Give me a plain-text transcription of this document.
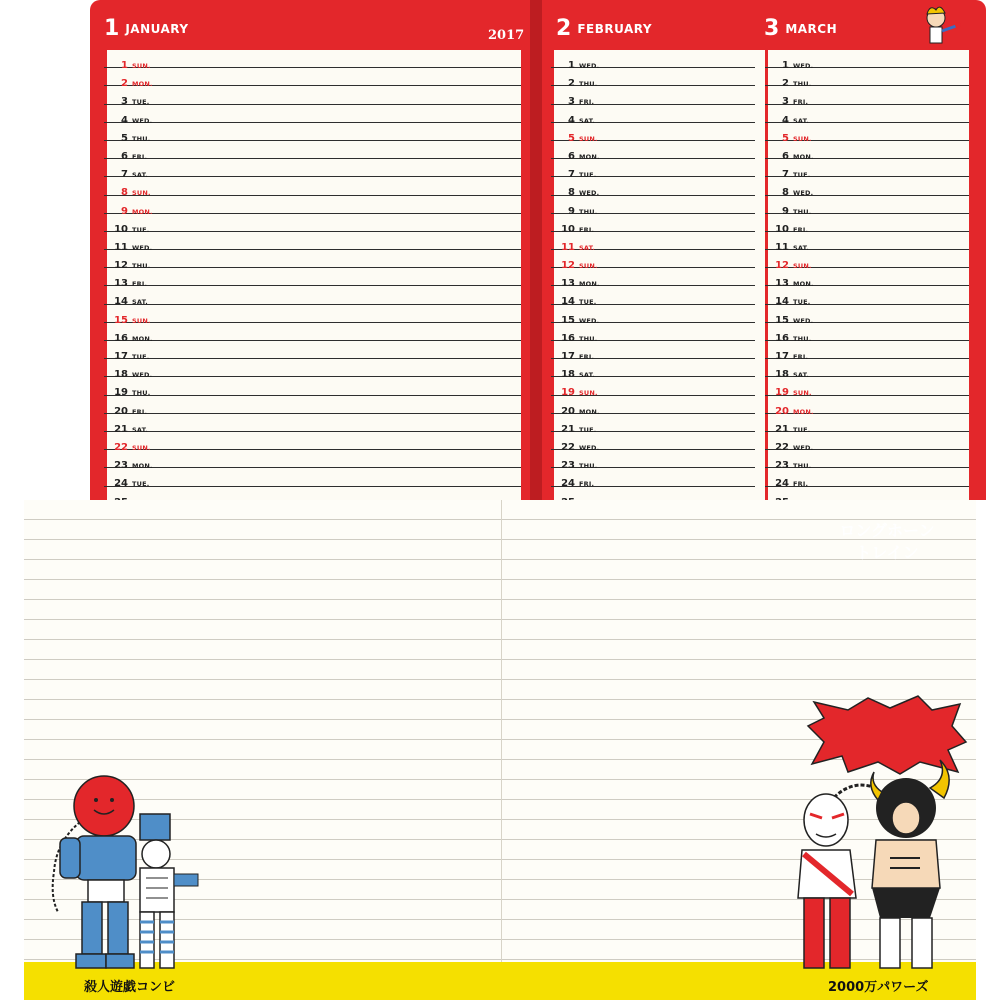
1 JANUARY	2017 2 FEBRUARY	3 MARCH
1 SUN.
2 MON.
3 TUE.
4 WED.
5 THU.
6 FRI.
7 SAT.
8 SUN.
9 MON.
10 TUE.
11 WED.
12 THU.
13 FRI.
14 SAT.
15 SUN.
16 MON.
17 TUE.
18 WED.
19 THU.
20 FRI.
21 SAT.
22 SUN.
23 MON.
24 TUE.
1 WED.
2 THU.
3 FRI.
4 SAT.
5 SUN.
6 MON.
7 TUE.
8 WED.
9 THU.
10 FRI.
11 SAT.
12 SUN.
13 MON.
14 TUE.
15 WED.
16 THU.
17 FRI.
18 SAT.
19 SUN.
20 MON.
21 TUE.
22 WED.
23 THU.
24 FRI.
1 WED.
2 THU.
3 FRI.
4 SAT.
5 SUN.
6 MON.
7 TUE.
8 WED.
9 THU.
10 FRI.
11 SAT.
12 SUN.
13 MON.
14 TUE.
15 WED.
16 THU.
17 FRI.
18 SAT.
19 SUN.
20 MON.
21 TUE.
22 WED.
23 THU.
24 FRI.
殺人遊戯コンビ
ロングホーン
トレイン
2000万パワーズ
